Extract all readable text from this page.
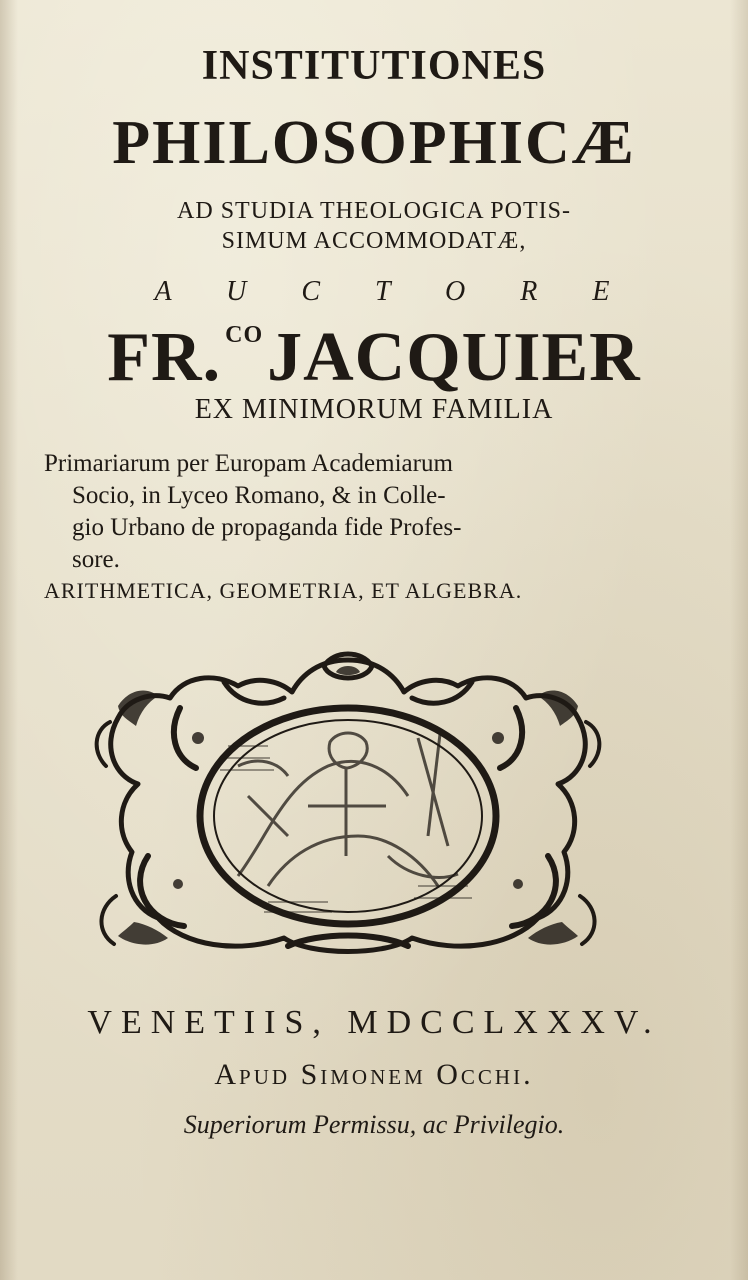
INSTITUTIONES
PHILOSOPHICÆ
AD STUDIA THEOLOGICA POTIS-
SIMUM ACCOMMODATÆ,
A U C T O R E
FR. $^{CO}$JACQUIER
EX MINIMORUM FAMILIA
Primariarum per Europam Academiarum
Socio, in Lyceo Romano, & in Colle-
gio Urbano de propaganda fide Profes-
sore.
ARITHMETICA, GEOMETRIA, ET ALGEBRA.
VENETIIS, MDCCLXXXV.
Apud Simonem Occhi.
Superiorum Permissu, ac Privilegio.
